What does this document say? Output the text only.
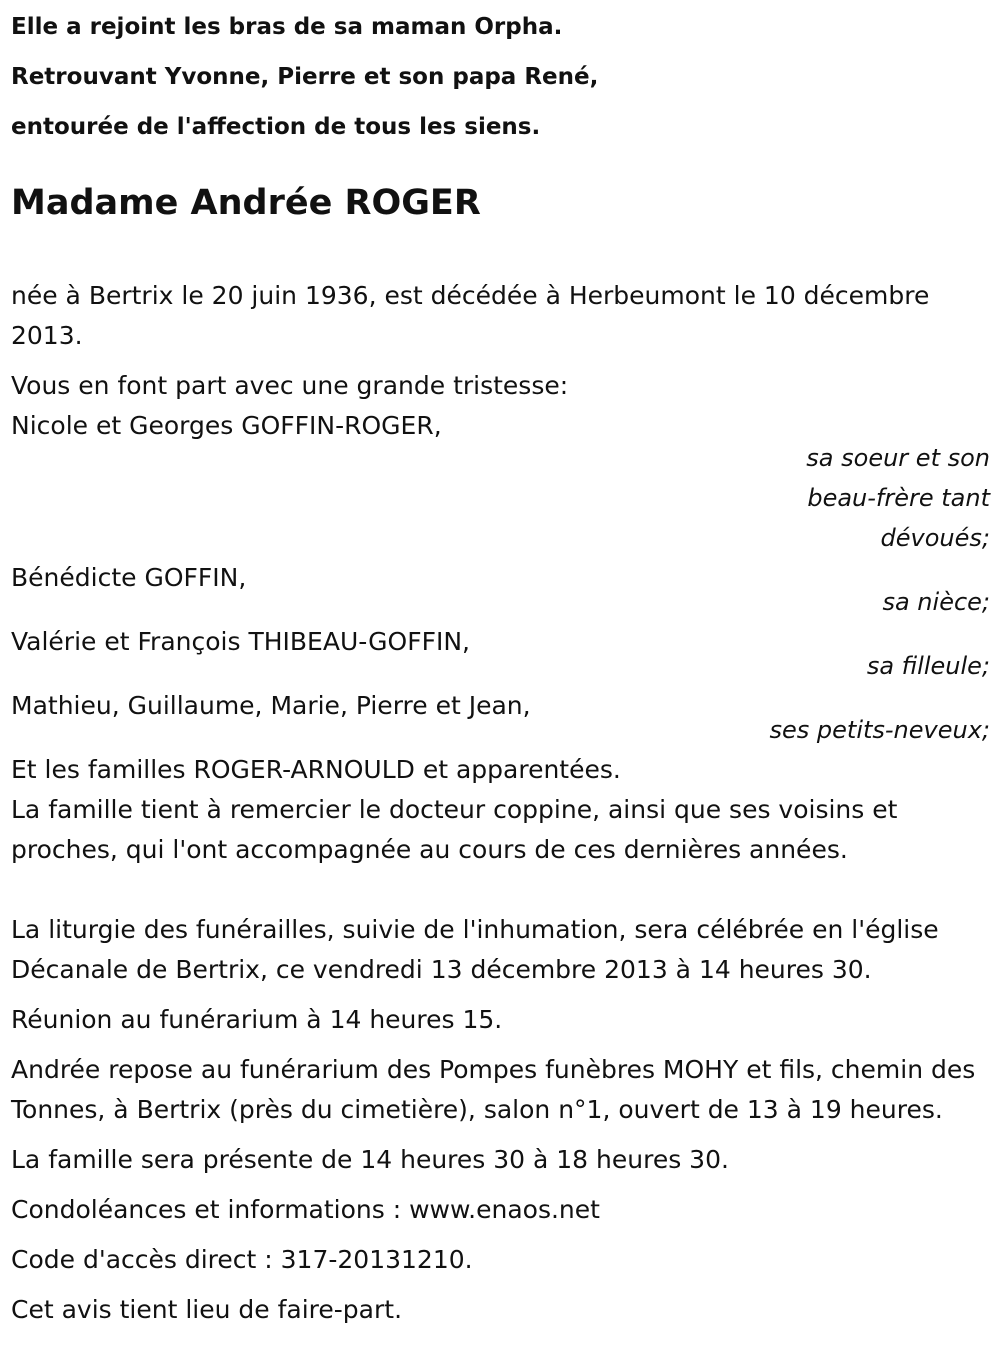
Elle a rejoint les bras de sa maman Orpha.
Retrouvant Yvonne, Pierre et son papa René,
entourée de l'affection de tous les siens.
Madame Andrée ROGER

née à Bertrix le 20 juin 1936, est décédée à Herbeumont le 10 décembre 2013.

Vous en font part avec une grande tristesse:

Nicole et Georges GOFFIN-ROGER,
sa soeur et son beau-frère tant dévoués;
Bénédicte GOFFIN,
sa nièce;
Valérie et François THIBEAU-GOFFIN,
sa filleule;
Mathieu, Guillaume, Marie, Pierre et Jean,
ses petits-neveux;

Et les familles ROGER-ARNOULD et apparentées.

La famille tient à remercier le docteur coppine, ainsi que ses voisins et proches, qui l'ont accompagnée au cours de ces dernières années.

La liturgie des funérailles, suivie de l'inhumation, sera célébrée en l'église Décanale de Bertrix, ce vendredi 13 décembre 2013 à 14 heures 30.

Réunion au funérarium à 14 heures 15.

Andrée repose au funérarium des Pompes funèbres MOHY et fils, chemin des Tonnes, à Bertrix (près du cimetière), salon n°1, ouvert de 13 à 19 heures.

La famille sera présente de 14 heures 30 à 18 heures 30.

Condoléances et informations : www.enaos.net

Code d'accès direct : 317-20131210.

Cet avis tient lieu de faire-part.
